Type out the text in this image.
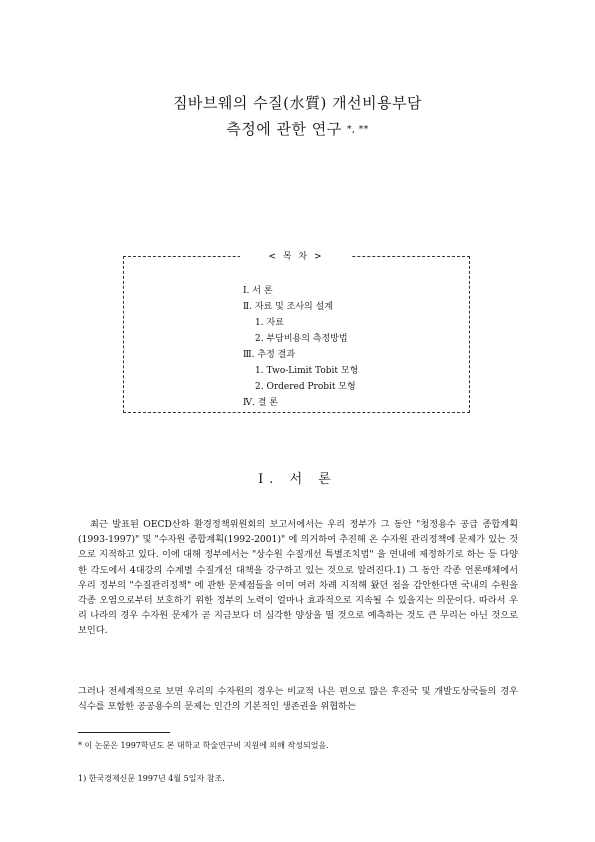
짐바브웨의 수질(水質) 개선비용부담
측정에 관한 연구 *, **
< 목 차 >
Ⅰ. 서 론
Ⅱ. 자료 및 조사의 설계
1. 자료
2. 부담비용의 측정방법
Ⅲ. 추정 결과
1. Two-Limit Tobit 모형
2. Ordered Probit 모형
Ⅳ. 결 론
Ⅰ. 서 론
최근 발표된 OECD산하 환경정책위원회의 보고서에서는 우리 정부가 그 동안 "청정용수 공급 종합계획(1993-1997)" 및 "수자원 종합계획(1992-2001)" 에 의거하여 추진해 온 수자원 관리정책에 문제가 있는 것으로 지적하고 있다. 이에 대해 정부에서는 "상수원 수질개선 특별조치법" 을 연내에 제정하기로 하는 등 다양한 각도에서 4대강의 수계별 수질개선 대책을 강구하고 있는 것으로 알려진다.1) 그 동안 각종 언론매체에서 우리 정부의 "수질관리정책" 에 관한 문제점들을 이미 여러 차례 지적해 왔던 점을 감안한다면 국내의 수원을 각종 오염으로부터 보호하기 위한 정부의 노력이 얼마나 효과적으로 지속될 수 있을지는 의문이다. 따라서 우리 나라의 경우 수자원 문제가 곧 지금보다 더 심각한 양상을 띨 것으로 예측하는 것도 큰 무리는 아닌 것으로 보인다.
그러나 전세계적으로 보면 우리의 수자원의 경우는 비교적 나은 편으로 많은 후진국 및 개발도상국들의 경우 식수를 포함한 공공용수의 문제는 인간의 기본적인 생존권을 위협하는
* 이 논문은 1997학년도 본 대학교 학술연구비 지원에 의해 작성되었음.
1) 한국경제신문 1997년 4월 5일자 참조.
